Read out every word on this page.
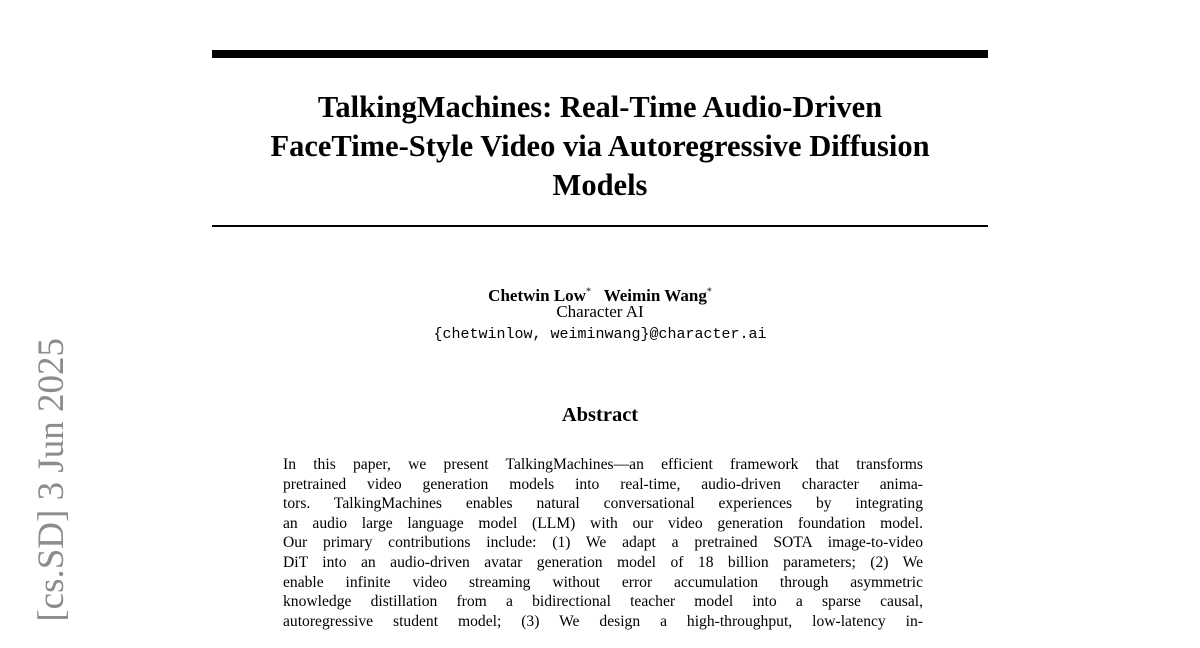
[cs.SD] 3 Jun 2025
TalkingMachines: Real-Time Audio-Driven
FaceTime-Style Video via Autoregressive Diffusion
Models
Chetwin Low* Weimin Wang*
Character AI
{chetwinlow, weiminwang}@character.ai
Abstract
In this paper, we present TalkingMachines—an efficient framework that transforms
pretrained video generation models into real-time, audio-driven character anima-
tors. TalkingMachines enables natural conversational experiences by integrating
an audio large language model (LLM) with our video generation foundation model.
Our primary contributions include: (1) We adapt a pretrained SOTA image-to-video
DiT into an audio-driven avatar generation model of 18 billion parameters; (2) We
enable infinite video streaming without error accumulation through asymmetric
knowledge distillation from a bidirectional teacher model into a sparse causal,
autoregressive student model; (3) We design a high-throughput, low-latency in-
